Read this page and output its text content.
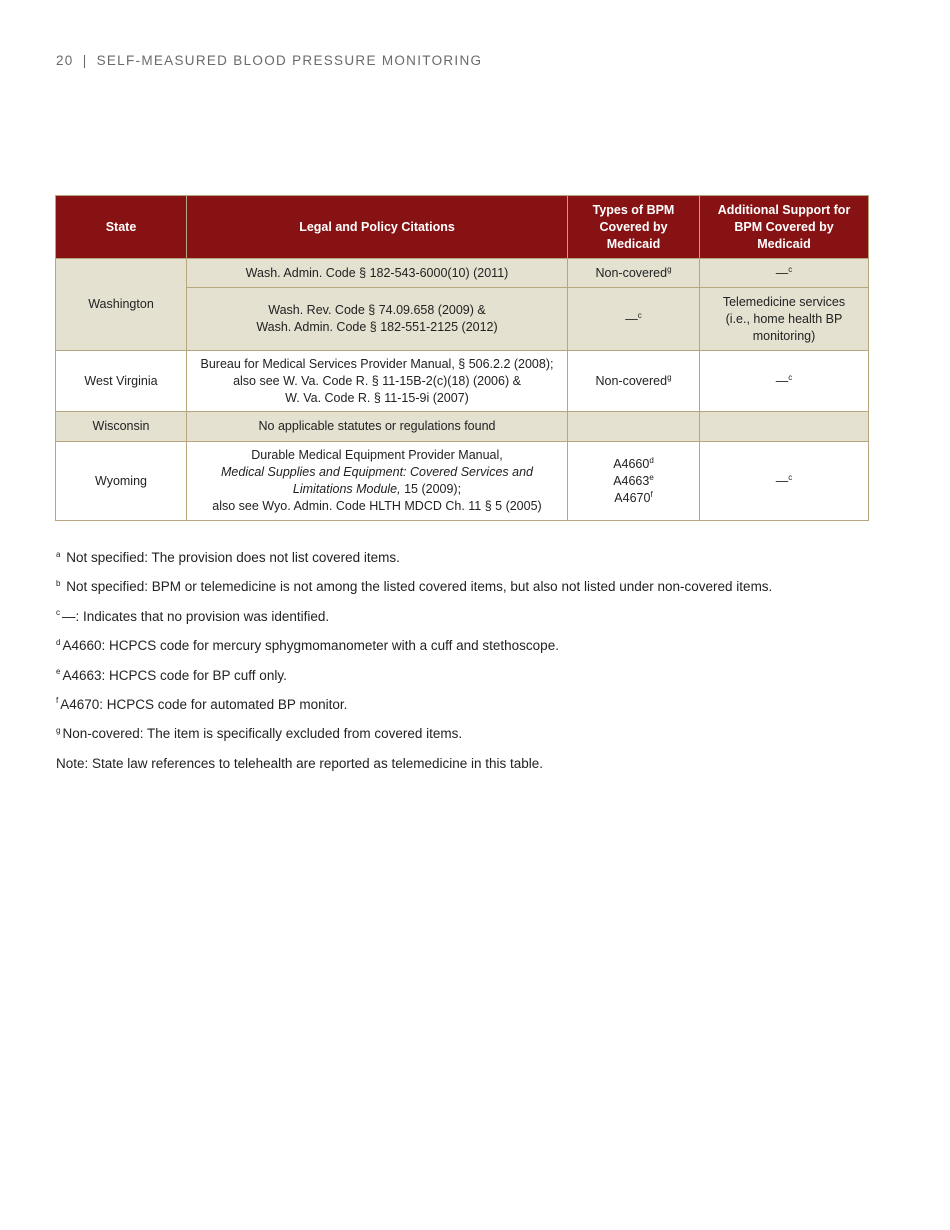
20 | SELF-MEASURED BLOOD PRESSURE MONITORING
State	Legal and Policy Citations	Types of BPM Covered by Medicaid	Additional Support for BPM Covered by Medicaid
Washington	Wash. Admin. Code § 182-543-6000(10) (2011)	Non-covered$^g$	—$^c$

	Wash. Rev. Code § 74.09.658 (2009) &
Wash. Admin. Code § 182-551-2125 (2012)	—$^c$	Telemedicine services (i.e., home health BP monitoring)
West Virginia	Bureau for Medical Services Provider Manual, § 506.2.2 (2008);
also see W. Va. Code R. § 11-15B-2(c)(18) (2006) &
W. Va. Code R. § 11-15-9i (2007)	Non-covered$^g$	—$^c$
Wisconsin	No applicable statutes or regulations found		
Wyoming	Durable Medical Equipment Provider Manual,
Medical Supplies and Equipment: Covered Services and Limitations Module, 15 (2009);
also see Wyo. Admin. Code HLTH MDCD Ch. 11 § 5 (2005)	A4660$^d$
A4663e
A4670$^f$	—$^c$

$^a$ Not specified: The provision does not list covered items.

$^b$ Not specified: BPM or telemedicine is not among the listed covered items, but also not listed under non-covered items.

$^c$ —: Indicates that no provision was identified.

$^d$ A4660: HCPCS code for mercury sphygmomanometer with a cuff and stethoscope.

$^e$ A4663: HCPCS code for BP cuff only.

$^f$ A4670: HCPCS code for automated BP monitor.

$^g$ Non-covered: The item is specifically excluded from covered items.

Note: State law references to telehealth are reported as telemedicine in this table.
